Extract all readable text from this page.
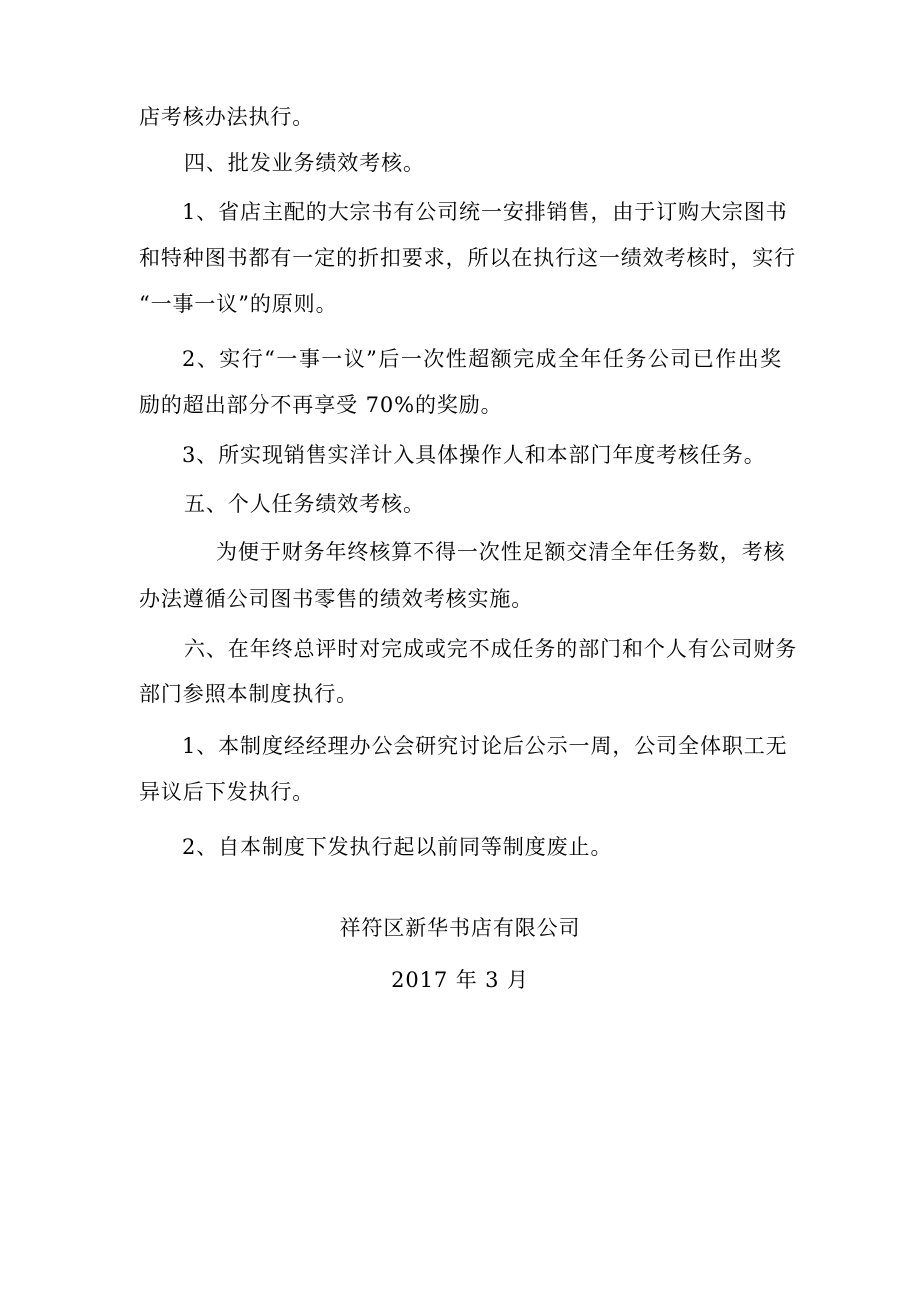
店考核办法执行。
四、批发业务绩效考核。
1、省店主配的大宗书有公司统一安排销售，由于订购大宗图书
和特种图书都有一定的折扣要求，所以在执行这一绩效考核时，实行
“一事一议”的原则。
2、实行“一事一议”后一次性超额完成全年任务公司已作出奖
励的超出部分不再享受 70%的奖励。
3、所实现销售实洋计入具体操作人和本部门年度考核任务。
五、个人任务绩效考核。
为便于财务年终核算不得一次性足额交清全年任务数，考核
办法遵循公司图书零售的绩效考核实施。
六、在年终总评时对完成或完不成任务的部门和个人有公司财务
部门参照本制度执行。
1、本制度经经理办公会研究讨论后公示一周，公司全体职工无
异议后下发执行。
2、自本制度下发执行起以前同等制度废止。
祥符区新华书店有限公司
2017 年 3 月
